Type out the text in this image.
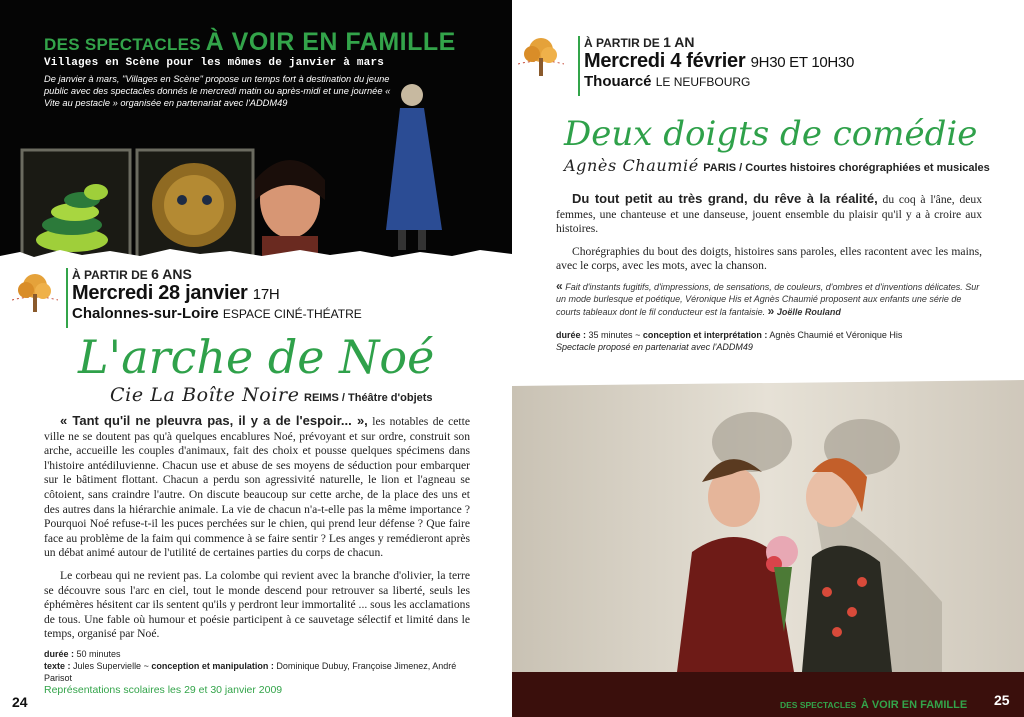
DES SPECTACLES À VOIR EN FAMILLE
Villages en Scène pour les mômes de janvier à mars
De janvier à mars, "Villages en Scène" propose un temps fort à destination du jeune public avec des spectacles donnés le mercredi matin ou après-midi et une journée « Vite au pestacle » organisée en partenariat avec l'ADDM49
À PARTIR DE 6 ANS
Mercredi 28 janvier 17H
Chalonnes-sur-Loire ESPACE CINÉ-THÉATRE
L'arche de Noé
Cie La Boîte Noire REIMS / Théâtre d'objets

« Tant qu'il ne pleuvra pas, il y a de l'espoir... », les notables de cette ville ne se doutent pas qu'à quelques encablures Noé, prévoyant et sur ordre, construit son arche, accueille les couples d'animaux, fait des choix et pousse quelques spécimens dans l'histoire antédiluvienne. Chacun use et abuse de ses moyens de séduction pour embarquer sur le bâtiment flottant. Chacun a perdu son agressivité naturelle, le lion et l'agneau se côtoient, sans craindre l'autre. On discute beaucoup sur cette arche, de la place des uns et des autres dans la hiérarchie animale. La vie de chacun n'a-t-elle pas la même importance ? Pourquoi Noé refuse-t-il les puces perchées sur le chien, qui prend leur défense ? Que faire face au problème de la faim qui commence à se faire sentir ? Les anges y remédieront après un débat animé autour de l'utilité de certaines parties du corps de chacun.

Le corbeau qui ne revient pas. La colombe qui revient avec la branche d'olivier, la terre se découvre sous l'arc en ciel, tout le monde descend pour retrouver sa liberté, seuls les éphémères hésitent car ils sentent qu'ils y perdront leur immortalité ... sous les acclamations de tous. Une fable où humour et poésie participent à ce sauvetage sélectif et limité dans le temps, organisé par Noé.

durée : 50 minutes
texte : Jules Supervielle ~ conception et manipulation : Dominique Dubuy, Françoise Jimenez, André Parisot
Représentations scolaires les 29 et 30 janvier 2009
24
À PARTIR DE 1 AN
Mercredi 4 février 9H30 ET 10H30
Thouarcé LE NEUFBOURG
Deux doigts de comédie
Agnès Chaumié PARIS / Courtes histoires chorégraphiées et musicales

Du tout petit au très grand, du rêve à la réalité, du coq à l'âne, deux femmes, une chanteuse et une danseuse, jouent ensemble du plaisir qu'il y a à croire aux histoires.

Chorégraphies du bout des doigts, histoires sans paroles, elles racontent avec les mains, avec le corps, avec les mots, avec la chanson.

« Fait d'instants fugitifs, d'impressions, de sensations, de couleurs, d'ombres et d'inventions délicates. Sur un mode burlesque et poétique, Véronique His et Agnès Chaumié proposent aux enfants une série de courts tableaux dont le fil conducteur est la fantaisie. » Joëlle Rouland
durée : 35 minutes ~ conception et interprétation : Agnès Chaumié et Véronique His
Spectacle proposé en partenariat avec l'ADDM49
DES SPECTACLES À VOIR EN FAMILLE 25
